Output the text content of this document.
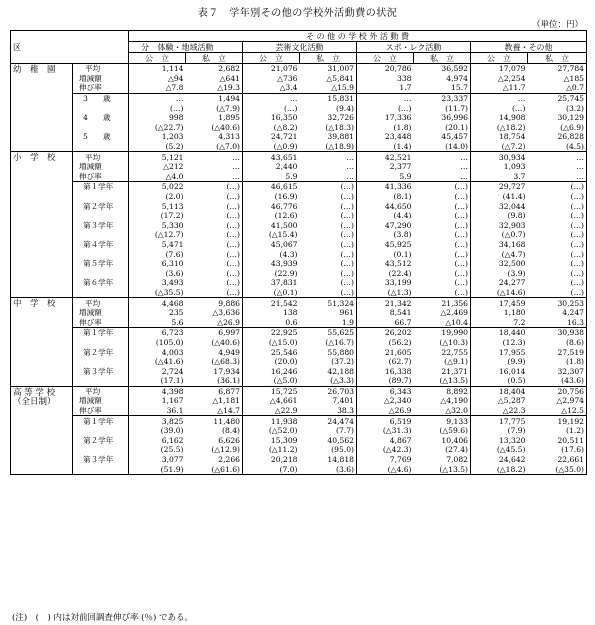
表７　学年別その他の学校外活動費の状況
（単位：円）
区　　　分		そ の 他 の 学 校 外 活 動 費							
		体験・地域活動		芸術文化活動		スポ・レク活動		教養・その他	
		公　立	私　立	公　立	私　立	公　立	私　立	公　立	私　立
幼　稚　園	平均	1,114	2,682	21,076	31,007	20,786	36,592	17,079	27,784
	増減額	△94	△641	△736	△5,841	338	4,974	△2,254	△185
	伸び率	△7.8	△19.3	△3.4	△15.9	1.7	15.7	△11.7	△0.7
	3　　歳	…	1,494	…	15,831	…	23,337	…	25,745
		(…)	(△7.9)	(…)	(9.4)	(…)	(11.7)	(…)	(3.2)
	4　　歳	998	1,895	16,350	32,726	17,336	36,996	14,908	30,129
		(△22.7)	(△40.6)	(△8.2)	(△18.3)	(1.8)	(20.1)	(△18.2)	(△6.9)
	5　　歳	1,203	4,313	24,721	39,881	23,448	45,457	18,754	26,828
		(5.2)	(△7.0)	(△0.9)	(△18.9)	(1.4)	(14.0)	(△7.2)	(4.5)
小　学　校	平均	5,121	…	43,651	…	42,521	…	30,934	…
	増減額	△212	…	2,440	…	2,377	…	1,093	…
	伸び率	△4.0	…	5.9	…	5.9	…	3.7	…
	第１学年	5,022	(…)	46,615	(…)	41,336	(…)	29,727	(…)
		(2.0)	(…)	(16.9)	(…)	(8.1)	(…)	(41.4)	(…)
	第２学年	5,113	(…)	46,776	(…)	44,650	(…)	32,044	(…)
		(17.2)	(…)	(12.6)	(…)	(4.4)	(…)	(9.8)	(…)
	第３学年	5,330	(…)	41,500	(…)	47,290	(…)	32,903	(…)
		(△12.7)	(…)	(△15.4)	(…)	(3.8)	(…)	(△0.7)	(…)
	第４学年	5,471	(…)	45,067	(…)	45,925	(…)	34,168	(…)
		(7.6)	(…)	(4.3)	(…)	(0.1)	(…)	(△4.7)	(…)
	第５学年	6,310	(…)	43,939	(…)	43,512	(…)	32,500	(…)
		(3.6)	(…)	(22.9)	(…)	(22.4)	(…)	(3.9)	(…)
	第６学年	3,493	(…)	37,831	(…)	33,199	(…)	24,277	(…)
		(△35.5)	(…)	(△0.1)	(…)	(△1.3)	(…)	(△14.6)	(…)
中　学　校	平均	4,468	9,886	21,542	51,324	21,342	21,356	17,459	30,253
	増減額	235	△3,636	138	961	8,541	△2,469	1,180	4,247
	伸び率	5.6	△26.9	0.6	1.9	66.7	△10.4	7.2	16.3
	第１学年	6,723	6,997	22,925	55,625	26,202	19,990	18,440	30,938
		(105.0)	(△40.6)	(△15.0)	(△16.7)	(56.2)	(△10.3)	(12.3)	(8.6)
	第２学年	4,003	4,949	25,546	55,880	21,605	22,755	17,955	27,519
		(△41.6)	(△68.3)	(20.0)	(37.2)	(62.7)	(△9.1)	(9.9)	(1.8)
	第３学年	2,724	17,934	16,246	42,188	16,338	21,371	16,014	32,307
		(17.1)	(36.1)	(△5.0)	(△3.3)	(89.7)	(△13.5)	(0.5)	(43.6)
高 等 学 校
（全日制）	平均	4,398	6,877	15,725	26,703	6,343	8,892	18,404	20,756
	増減額	1,167	△1,181	△4,661	7,401	△2,340	△4,190	△5,287	△2,974
	伸び率	36.1	△14.7	△22.9	38.3	△26.9	△32.0	△22.3	△12.5
	第１学年	3,825	11,480	11,938	24,474	6,519	9,133	17,775	19,192
		(39.0)	(8.4)	(△52.0)	(7.7)	(△31.3)	(△59.6)	(7.9)	(1.2)
	第２学年	6,162	6,626	15,309	40,562	4,867	10,406	13,320	20,511
		(25.5)	(△12.9)	(△11.2)	(95.0)	(△42.3)	(27.4)	(△45.5)	(17.6)
	第３学年	3,077	2,266	20,218	14,818	7,769	7,082	24,642	22,661
		(51.9)	(△61.6)	(7.0)	(3.6)	(△4.6)	(△13.5)	(△18.2)	(△35.0)
(注)　(　) 内は対前回調査伸び率 (％) である。
